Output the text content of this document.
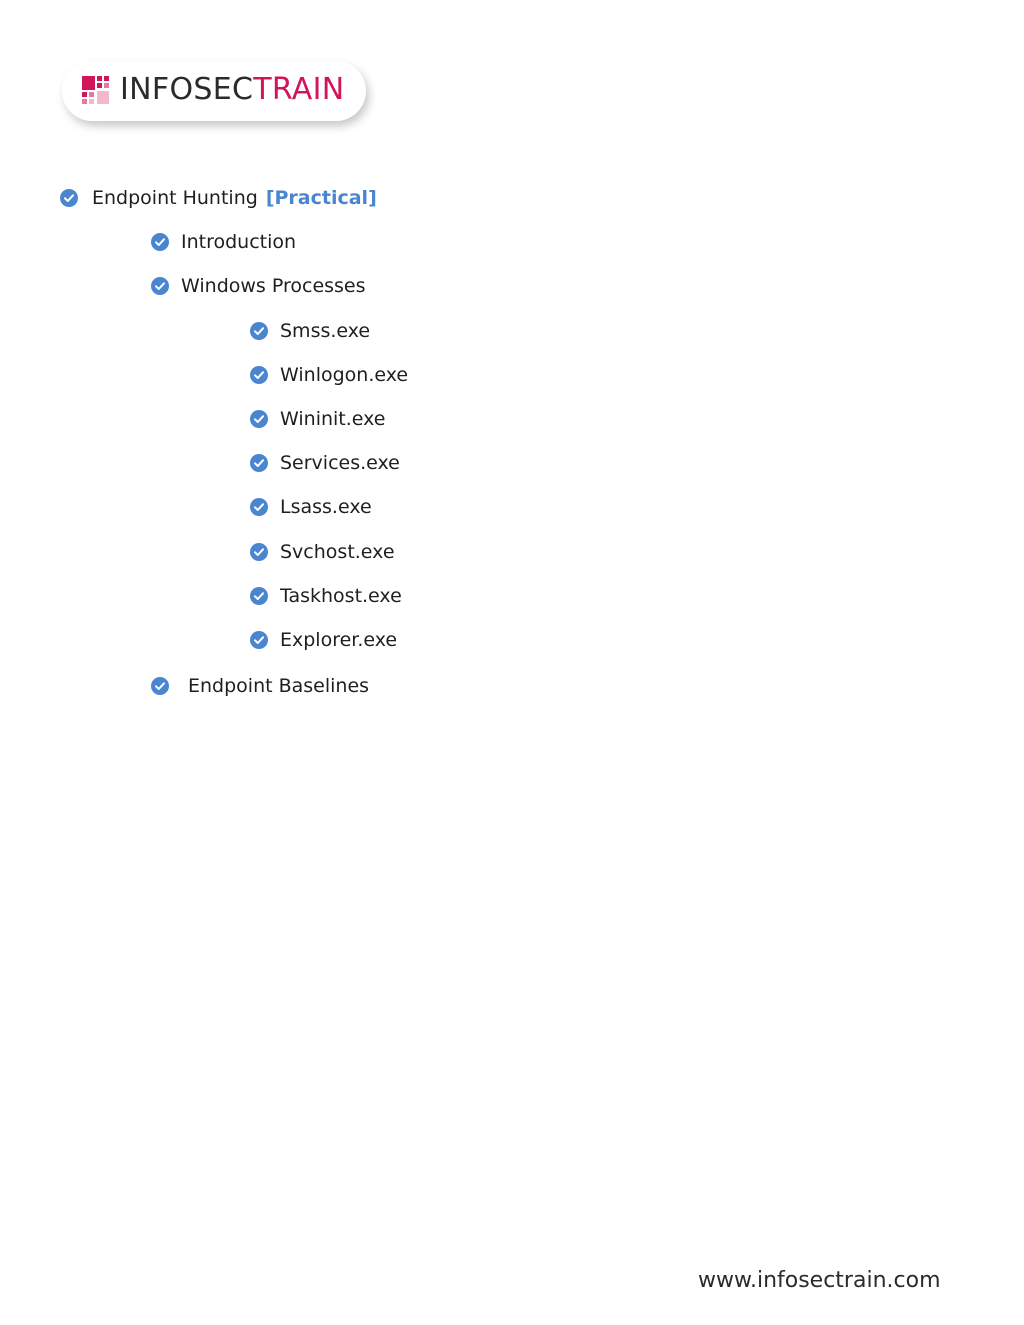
INFOSECTRAIN
Endpoint Hunting [Practical]
Introduction
Windows Processes
Smss.exe
Winlogon.exe
Wininit.exe
Services.exe
Lsass.exe
Svchost.exe
Taskhost.exe
Explorer.exe
Endpoint Baselines
www.infosectrain.com
